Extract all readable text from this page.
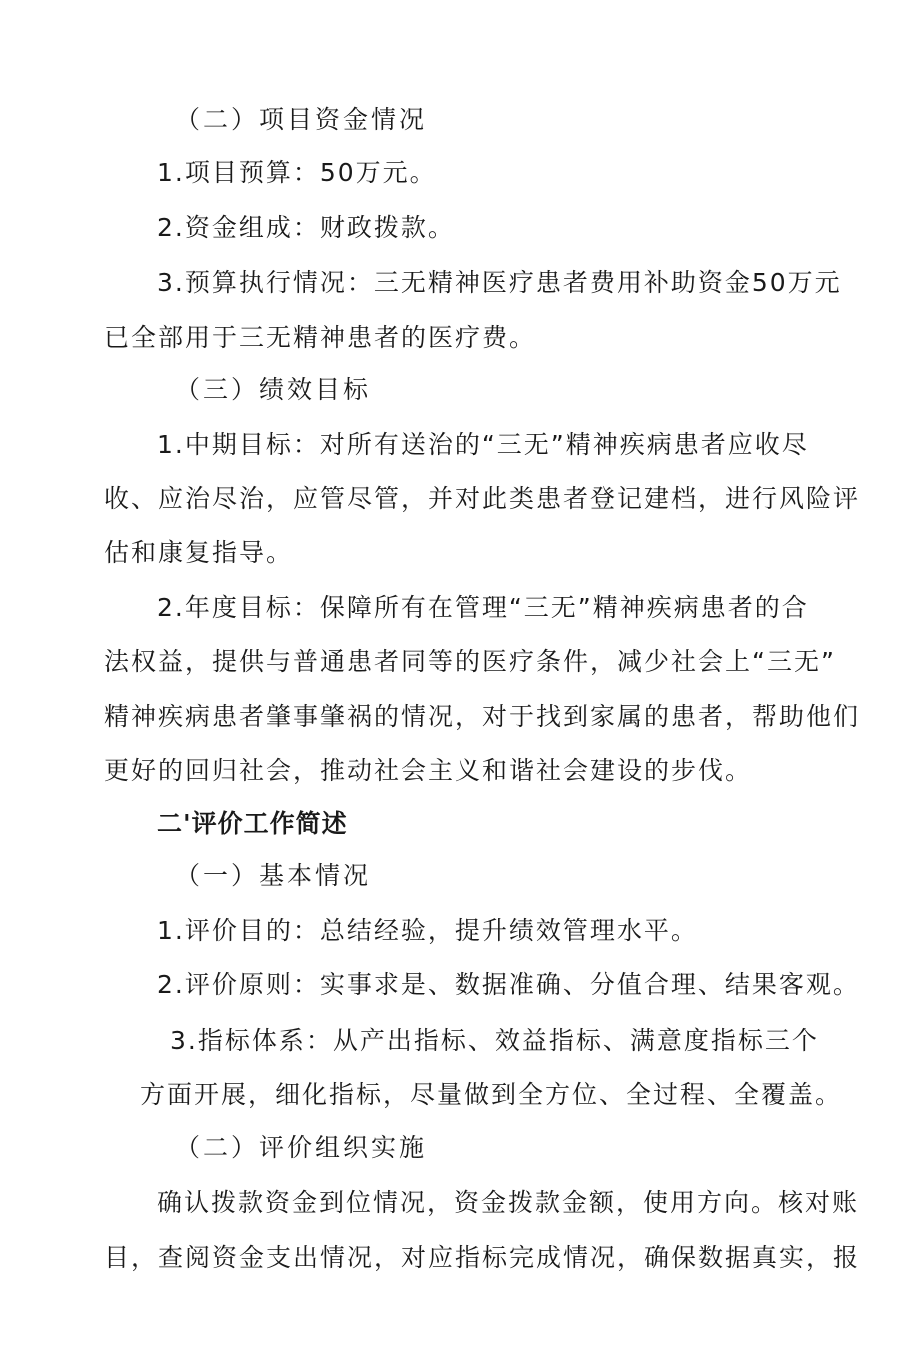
（二）项目资金情况

1.项目预算：50万元。

2.资金组成：财政拨款。

3.预算执行情况：三无精神医疗患者费用补助资金50万元

已全部用于三无精神患者的医疗费。

（三）绩效目标

1.中期目标：对所有送治的“三无”精神疾病患者应收尽

收、应治尽治，应管尽管，并对此类患者登记建档，进行风险评

估和康复指导。

2.年度目标：保障所有在管理“三无”精神疾病患者的合

法权益，提供与普通患者同等的医疗条件，减少社会上“三无”

精神疾病患者肇事肇祸的情况，对于找到家属的患者，帮助他们

更好的回归社会，推动社会主义和谐社会建设的步伐。

二'评价工作简述

（一）基本情况

1.评价目的：总结经验，提升绩效管理水平。

2.评价原则：实事求是、数据准确、分值合理、结果客观。

3.指标体系：从产出指标、效益指标、满意度指标三个

方面开展，细化指标，尽量做到全方位、全过程、全覆盖。

（二）评价组织实施

确认拨款资金到位情况，资金拨款金额，使用方向。核对账

目，查阅资金支出情况，对应指标完成情况，确保数据真实，报
